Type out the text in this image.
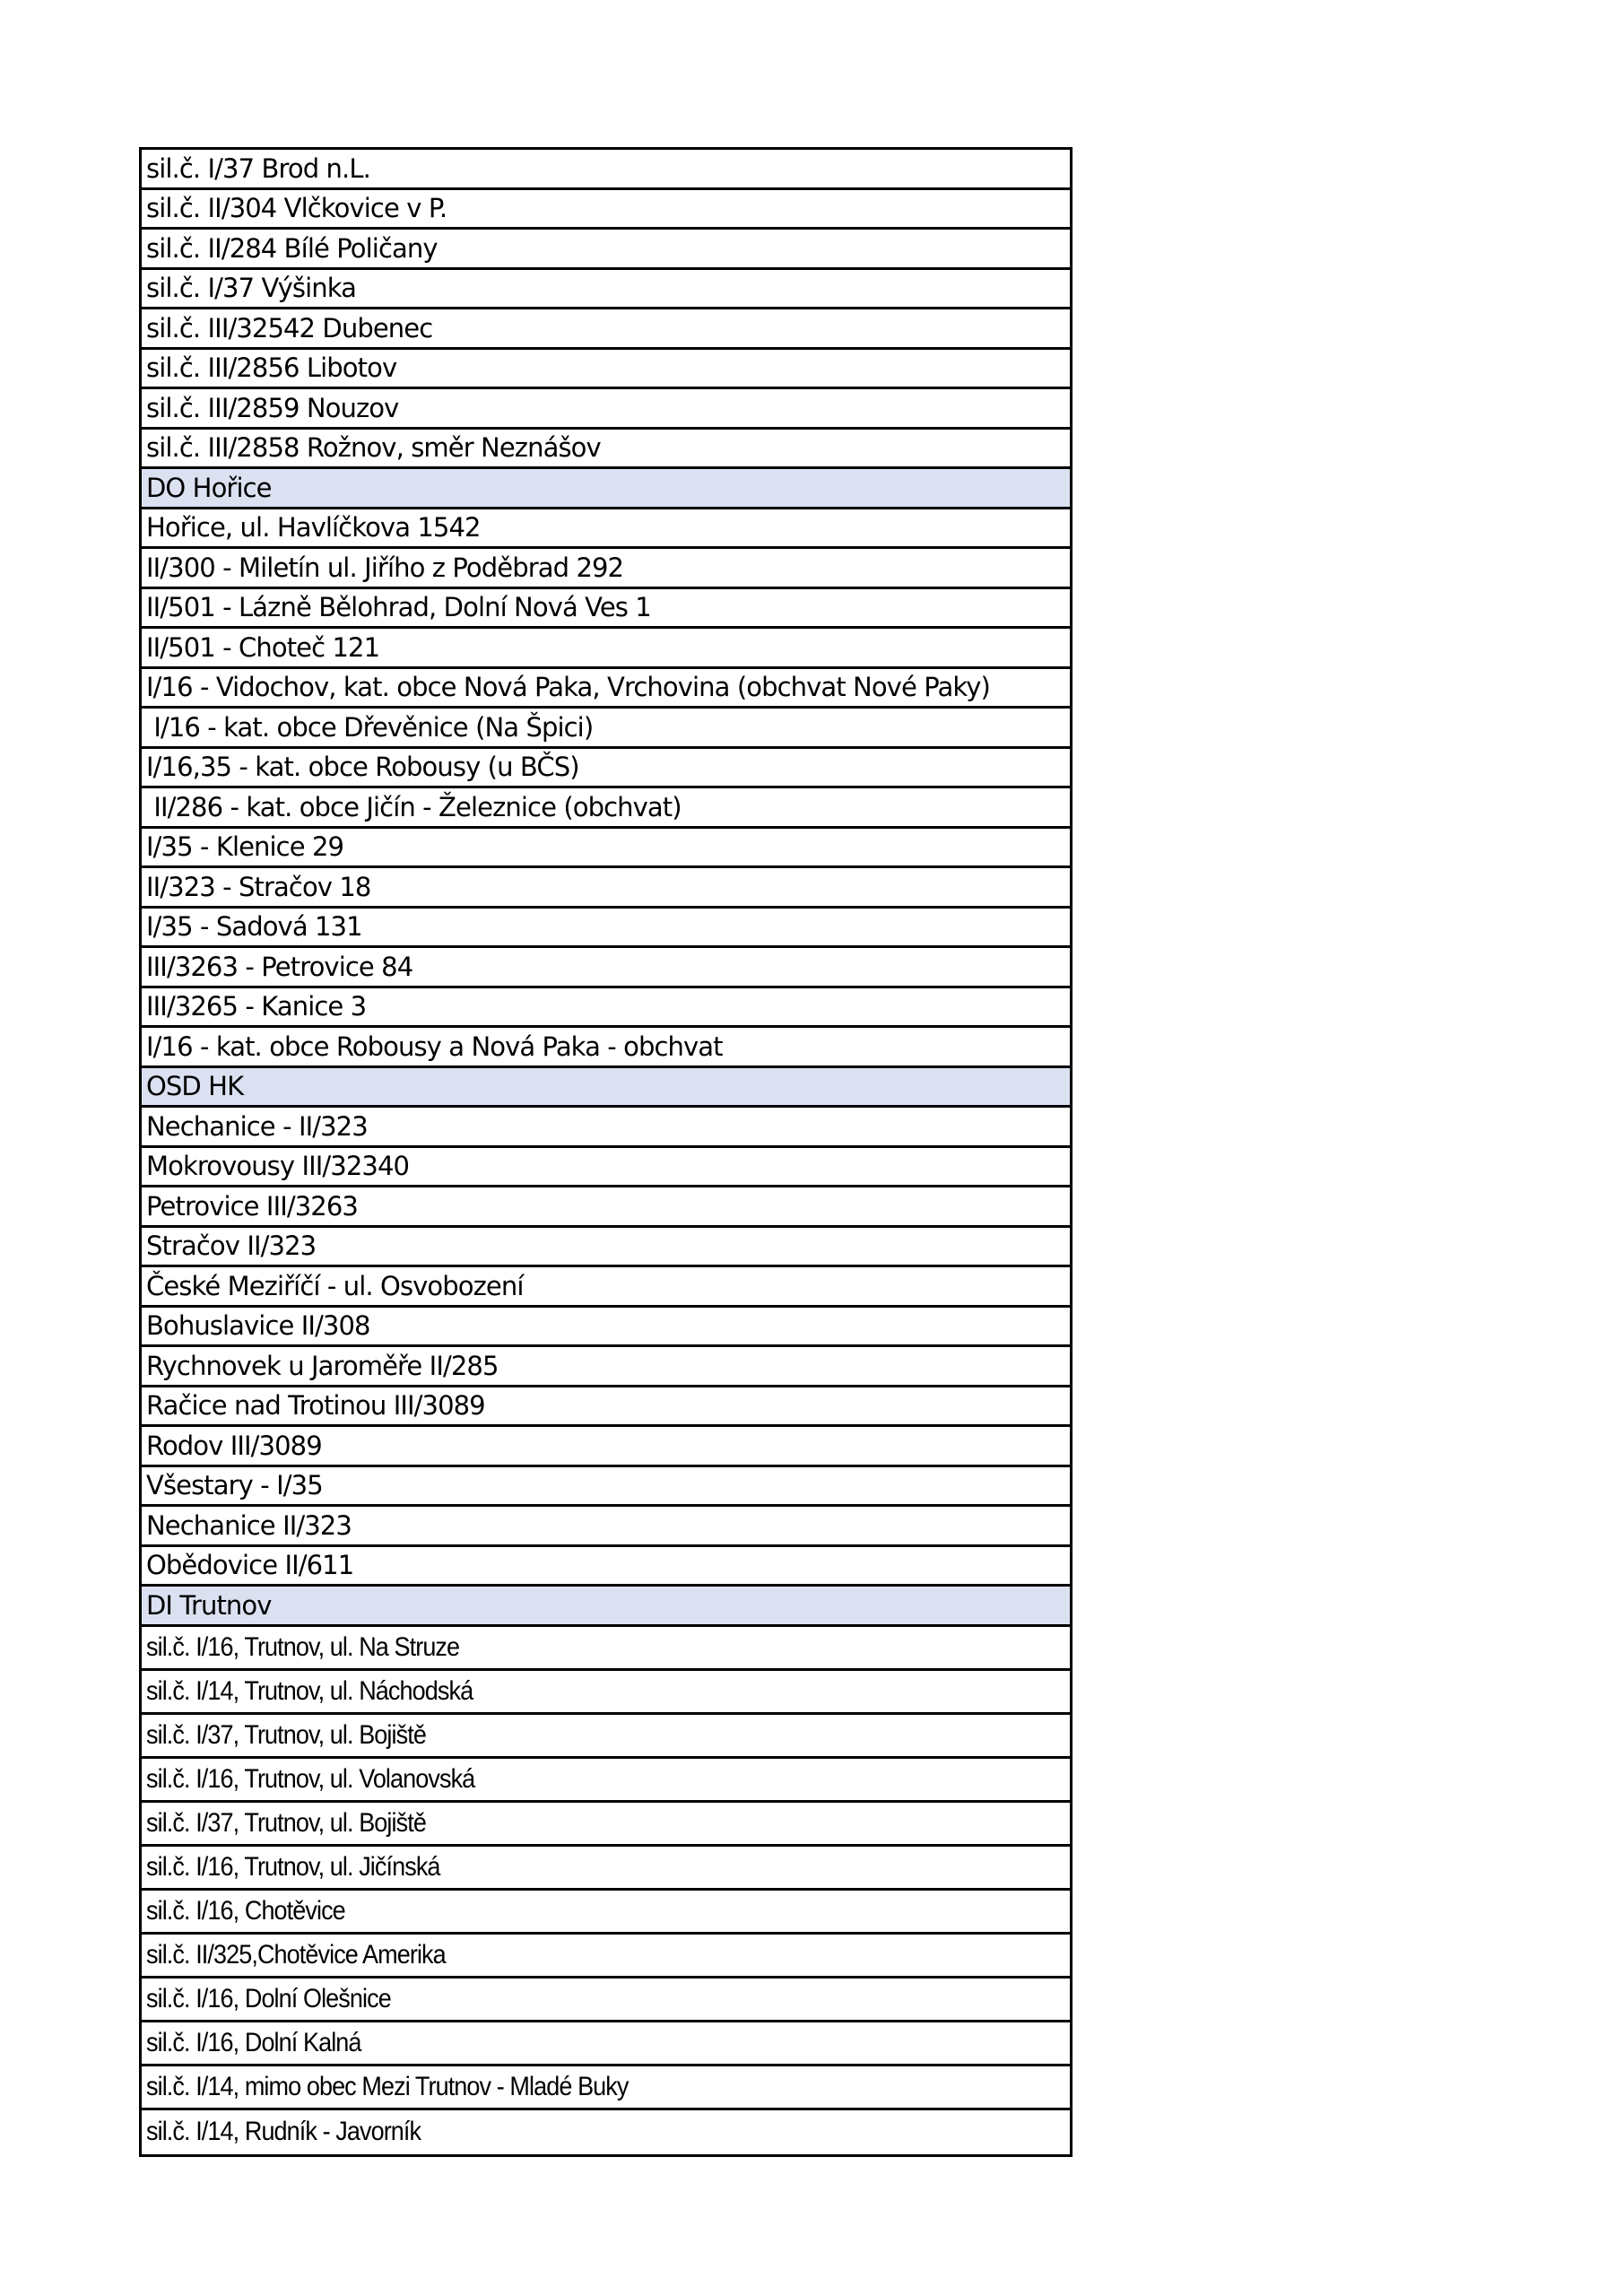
sil.č. I/37 Brod n.L.
sil.č. II/304 Vlčkovice v P.
sil.č. II/284 Bílé Poličany
sil.č. I/37 Výšinka
sil.č. III/32542 Dubenec
sil.č. III/2856 Libotov
sil.č. III/2859 Nouzov
sil.č. III/2858 Rožnov, směr Neznášov
DO Hořice
Hořice, ul. Havlíčkova 1542
II/300 - Miletín ul. Jiřího z Poděbrad 292
II/501 - Lázně Bělohrad, Dolní Nová Ves 1
II/501 - Choteč 121
I/16 - Vidochov, kat. obce Nová Paka, Vrchovina (obchvat Nové Paky)
I/16 - kat. obce Dřevěnice (Na Špici)
I/16,35 - kat. obce Robousy (u BČS)
II/286 - kat. obce Jičín - Železnice (obchvat)
I/35 - Klenice 29
II/323 - Stračov 18
I/35 - Sadová 131
III/3263 - Petrovice 84
III/3265 - Kanice 3
I/16 - kat. obce Robousy a Nová Paka - obchvat
OSD HK
Nechanice - II/323
Mokrovousy III/32340
Petrovice III/3263
Stračov II/323
České Meziříčí - ul. Osvobození
Bohuslavice II/308
Rychnovek u Jaroměře II/285
Račice nad Trotinou III/3089
Rodov III/3089
Všestary - I/35
Nechanice II/323
Obědovice II/611
DI Trutnov
sil.č. I/16, Trutnov, ul. Na Struze
sil.č. I/14, Trutnov, ul. Náchodská
sil.č. I/37, Trutnov, ul. Bojiště
sil.č. I/16, Trutnov, ul. Volanovská
sil.č. I/37, Trutnov, ul. Bojiště
sil.č. I/16, Trutnov, ul. Jičínská
sil.č. I/16, Chotěvice
sil.č. II/325,Chotěvice Amerika
sil.č. I/16, Dolní Olešnice
sil.č. I/16, Dolní Kalná
sil.č. I/14, mimo obec Mezi Trutnov - Mladé Buky
sil.č. I/14, Rudník - Javorník
